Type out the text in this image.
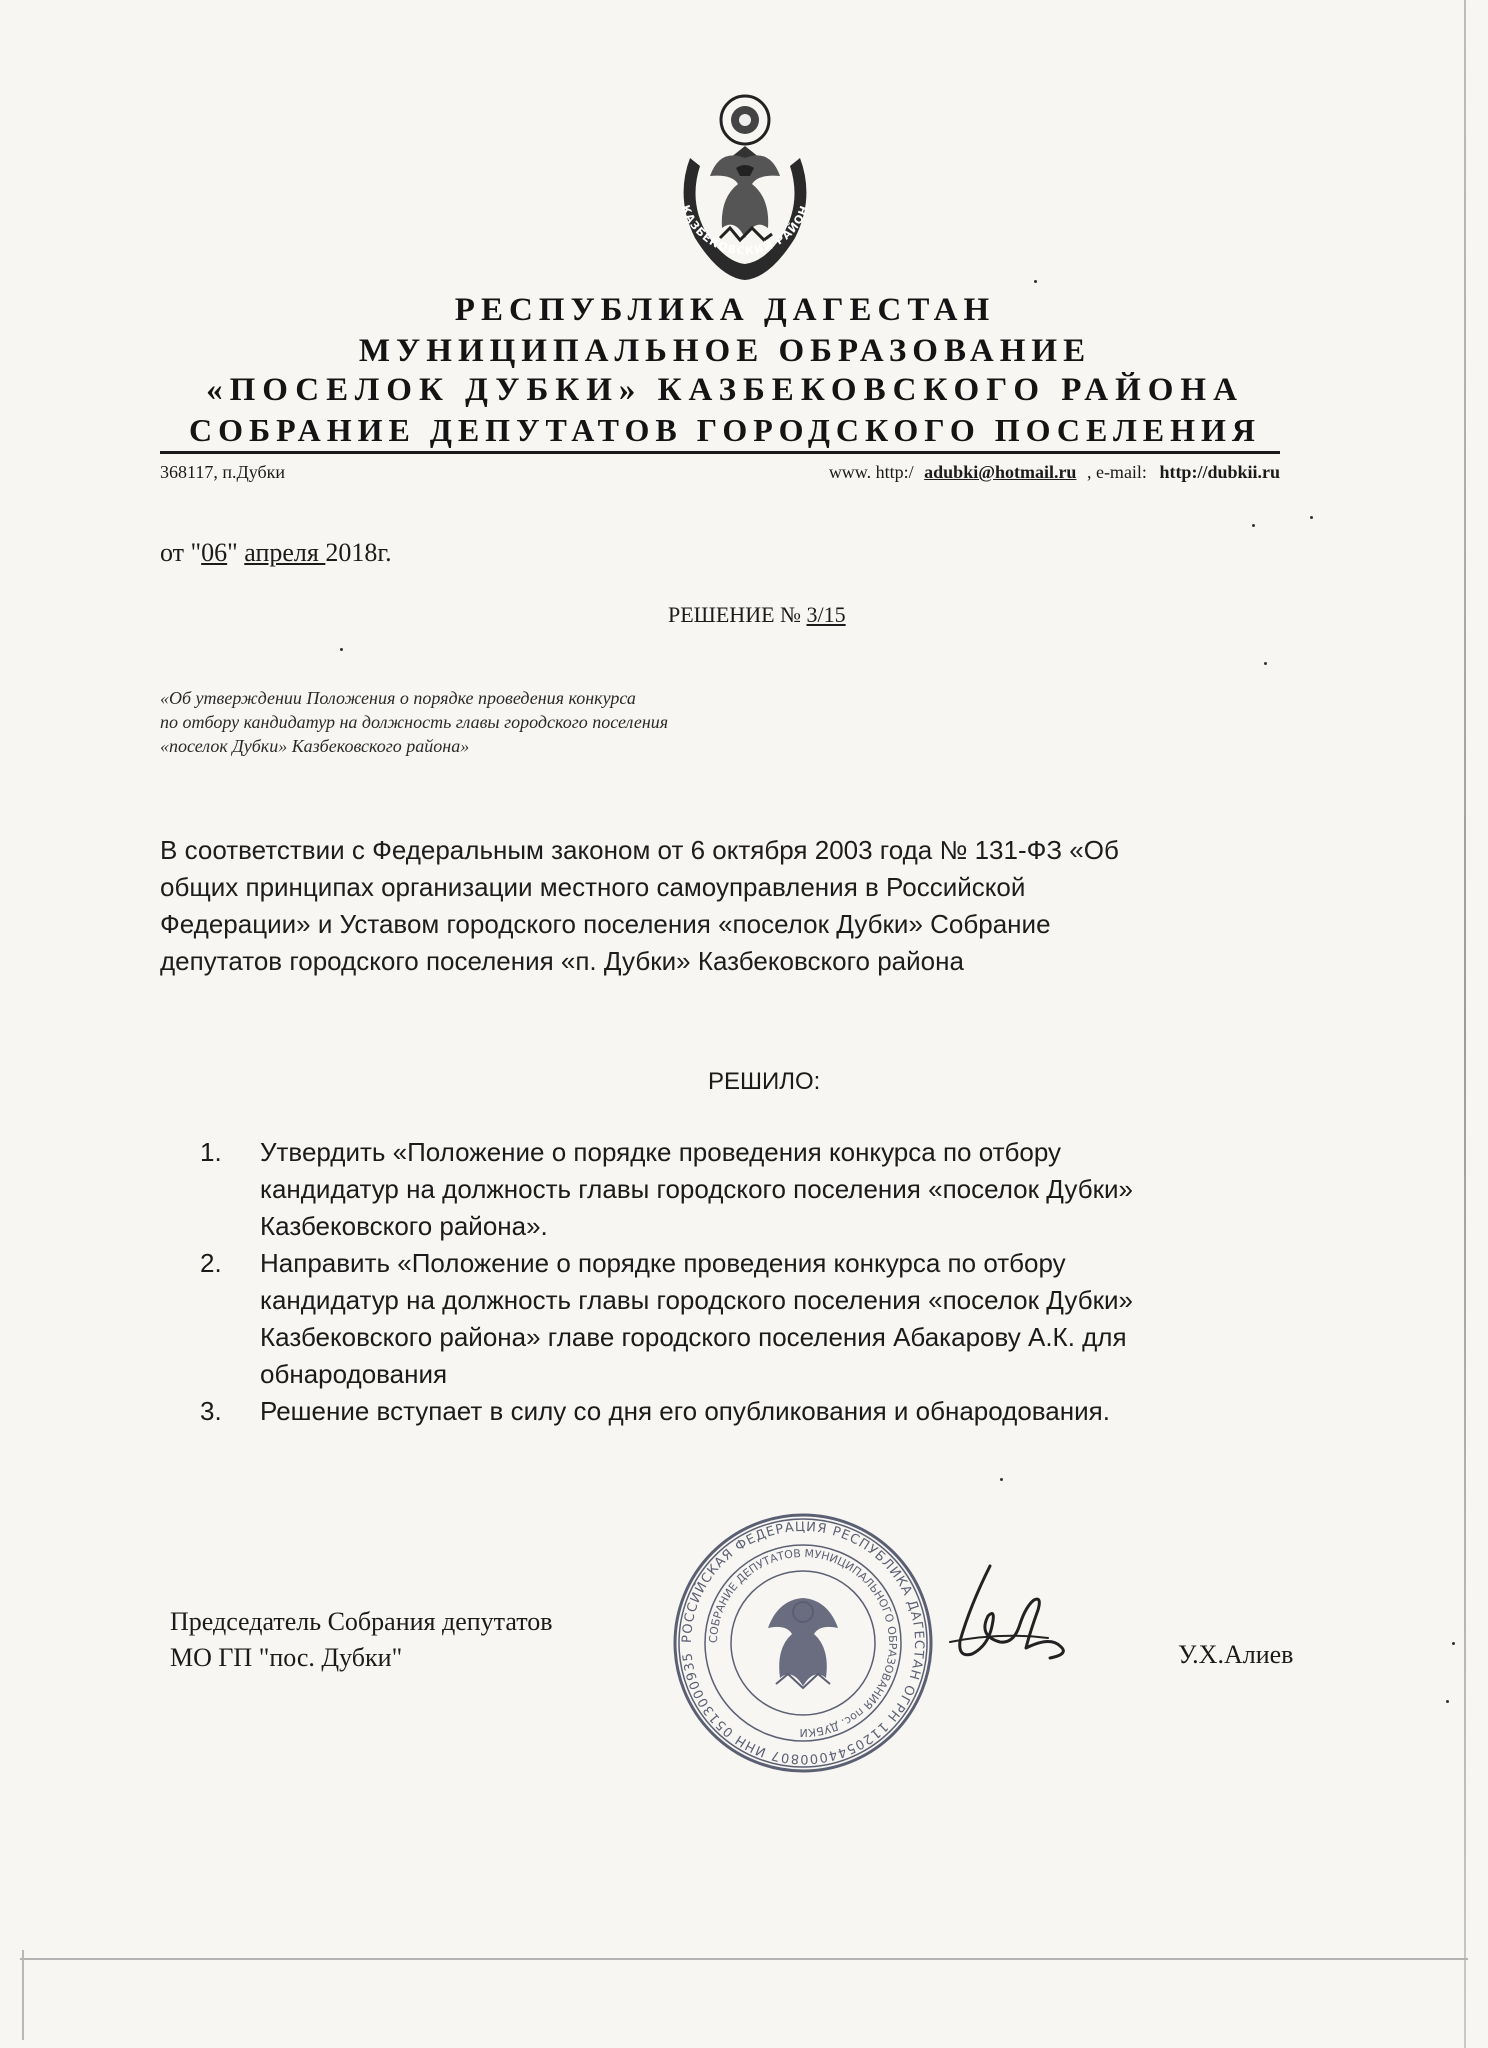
КАЗБЕКОВСКИЙ РАЙОН
РЕСПУБЛИКА ДАГЕСТАН
МУНИЦИПАЛЬНОЕ ОБРАЗОВАНИЕ
«ПОСЕЛОК ДУБКИ» КАЗБЕКОВСКОГО РАЙОНА
СОБРАНИЕ ДЕПУТАТОВ ГОРОДСКОГО ПОСЕЛЕНИЯ
368117, п.Дубки	www. http:/ adubki@hotmail.ru , e-mail: http://dubkii.ru
от "06" апреля 2018г.
РЕШЕНИЕ № 3/15
«Об утверждении Положения о порядке проведения конкурса
по отбору кандидатур на должность главы городского поселения
«поселок Дубки» Казбековского района»
В соответствии с Федеральным законом от 6 октября 2003 года № 131-ФЗ «Об
общих принципах организации местного самоуправления в Российской
Федерации» и Уставом городского поселения «поселок Дубки» Собрание
депутатов городского поселения «п. Дубки» Казбековского района
РЕШИЛО:
1. Утвердить «Положение о порядке проведения конкурса по отбору
кандидатур на должность главы городского поселения «поселок Дубки»
Казбековского района».
2. Направить «Положение о порядке проведения конкурса по отбору
кандидатур на должность главы городского поселения «поселок Дубки»
Казбековского района» главе городского поселения Абакарову А.К. для
обнародования
3. Решение вступает в силу со дня его опубликования и обнародования.
РОССИЙСКАЯ ФЕДЕРАЦИЯ РЕСПУБЛИКА ДАГЕСТАН ОГРН 1120544000807 ИНН 0513000935
СОБРАНИЕ ДЕПУТАТОВ МУНИЦИПАЛЬНОГО ОБРАЗОВАНИЯ пос. ДУБКИ
Председатель Собрания депутатов
МО ГП "пос. Дубки"	У.Х.Алиев
